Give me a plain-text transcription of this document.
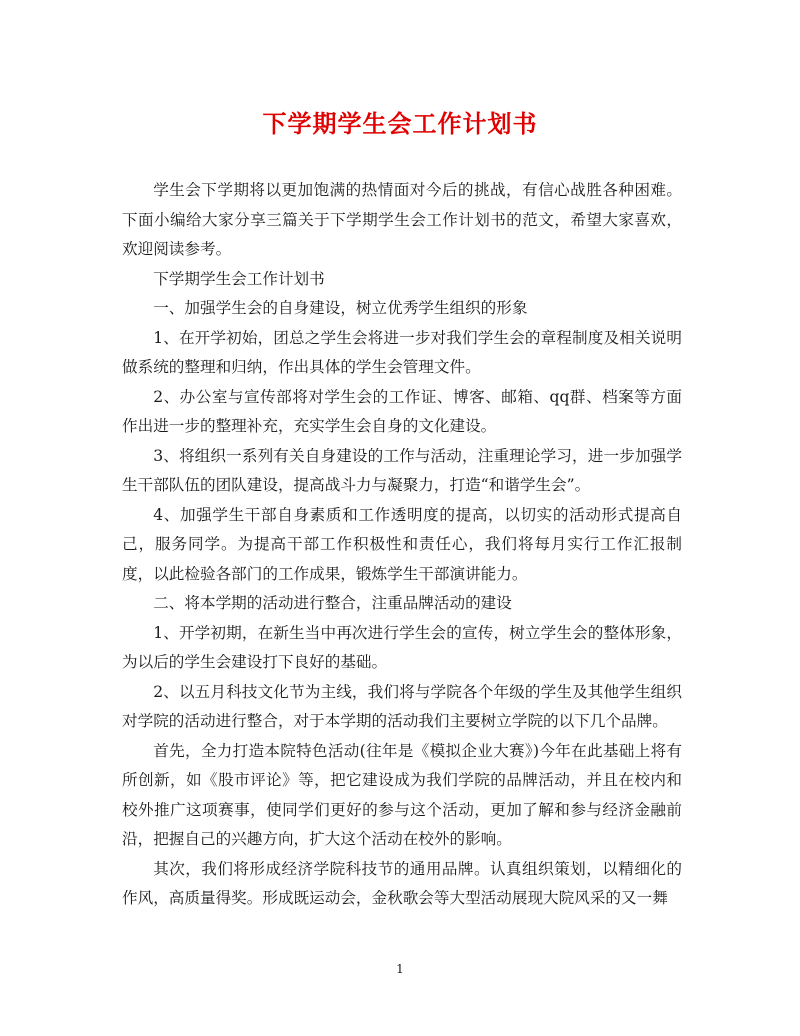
下学期学生会工作计划书

学生会下学期将以更加饱满的热情面对今后的挑战，有信心战胜各种困难。下面小编给大家分享三篇关于下学期学生会工作计划书的范文，希望大家喜欢，欢迎阅读参考。

下学期学生会工作计划书

一、加强学生会的自身建设，树立优秀学生组织的形象

1、在开学初始，团总之学生会将进一步对我们学生会的章程制度及相关说明做系统的整理和归纳，作出具体的学生会管理文件。

2、办公室与宣传部将对学生会的工作证、博客、邮箱、qq群、档案等方面作出进一步的整理补充，充实学生会自身的文化建设。

3、将组织一系列有关自身建设的工作与活动，注重理论学习，进一步加强学生干部队伍的团队建设，提高战斗力与凝聚力，打造“和谐学生会”。

4、加强学生干部自身素质和工作透明度的提高，以切实的活动形式提高自己，服务同学。为提高干部工作积极性和责任心，我们将每月实行工作汇报制度，以此检验各部门的工作成果，锻炼学生干部演讲能力。

二、将本学期的活动进行整合，注重品牌活动的建设

1、开学初期，在新生当中再次进行学生会的宣传，树立学生会的整体形象，为以后的学生会建设打下良好的基础。

2、以五月科技文化节为主线，我们将与学院各个年级的学生及其他学生组织对学院的活动进行整合，对于本学期的活动我们主要树立学院的以下几个品牌。

首先，全力打造本院特色活动(往年是《模拟企业大赛》)今年在此基础上将有所创新，如《股市评论》等，把它建设成为我们学院的品牌活动，并且在校内和校外推广这项赛事，使同学们更好的参与这个活动，更加了解和参与经济金融前沿，把握自己的兴趣方向，扩大这个活动在校外的影响。

其次，我们将形成经济学院科技节的通用品牌。认真组织策划，以精细化的作风，高质量得奖。形成既运动会，金秋歌会等大型活动展现大院风采的又一舞

1
